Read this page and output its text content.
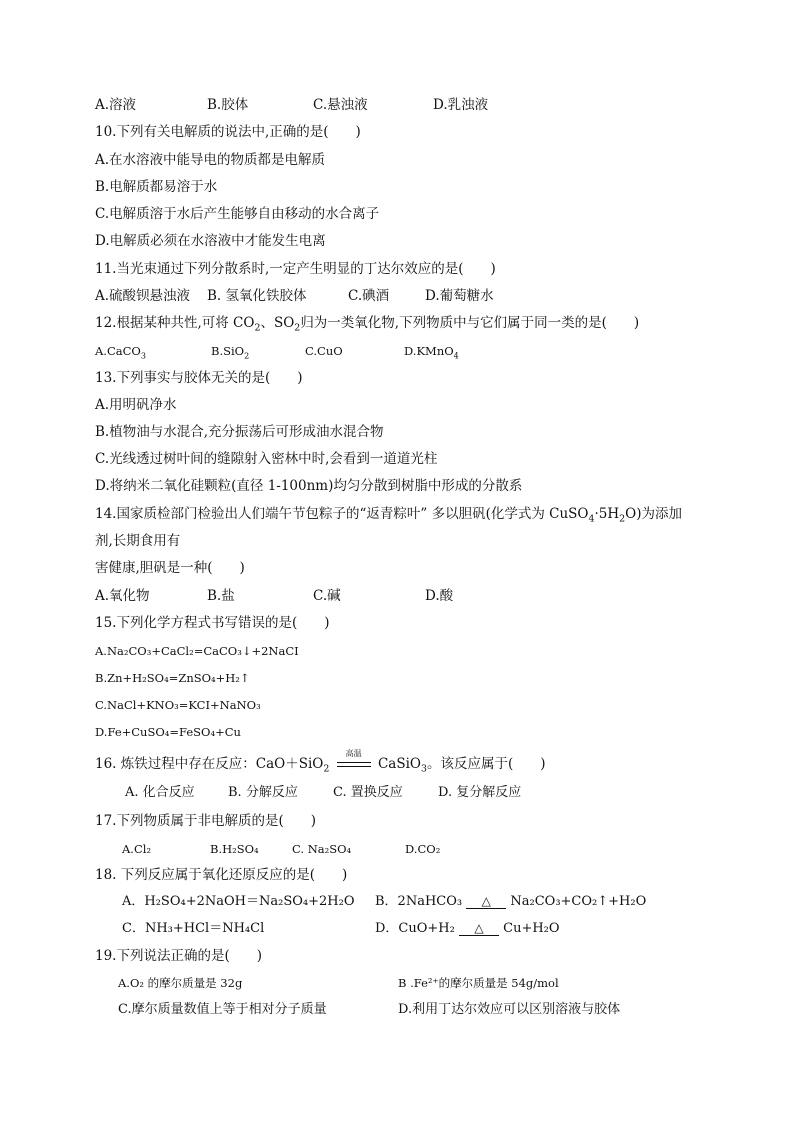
A.溶液	B.胶体	C.悬浊液	D.乳浊液
10.下列有关电解质的说法中,正确的是(　　)
A.在水溶液中能导电的物质都是电解质
B.电解质都易溶于水
C.电解质溶于水后产生能够自由移动的水合离子
D.电解质必须在水溶液中才能发生电离
11.当光束通过下列分散系时,一定产生明显的丁达尔效应的是(　　)
A.硫酸钡悬浊液 B. 氢氧化铁胶体	C.碘酒	D.葡萄糖水
12.根据某种共性,可将 $CO_2$、$SO_2$归为一类氧化物,下列物质中与它们属于同一类的是(　　)
A.CaCO$_3$	B.SiO$_2$	C.CuO	D.KMnO$_4$
13.下列事实与胶体无关的是(　　)
A.用明矾净水
B.植物油与水混合,充分振荡后可形成油水混合物
C.光线透过树叶间的缝隙射入密林中时,会看到一道道光柱
D.将纳米二氧化硅颗粒(直径 1-100nm)均匀分散到树脂中形成的分散系
14.国家质检部门检验出人们端午节包粽子的“返青粽叶” 多以胆矾(化学式为 $CuSO_4\cdot 5H_2O$)为添加
剂,长期食用有
害健康,胆矾是一种(　　)
A.氧化物	B.盐	C.碱	D.酸
15.下列化学方程式书写错误的是(　　)
A.Na₂CO₃+CaCl₂=CaCO₃↓+2NaCI
B.Zn+H₂SO₄=ZnSO₄+H₂↑
C.NaCl+KNO₃=KCI+NaNO₃
D.Fe+CuSO₄=FeSO₄+Cu
16. 炼铁过程中存在反应：CaO＋SiO$_2$
高温
CaSiO$_3$。该反应属于(　　)
A. 化合反应	B. 分解反应	C. 置换反应	D. 复分解反应
17.下列物质属于非电解质的是(　　)
A.Cl₂	B.H₂SO₄	C. Na₂SO₄	D.CO₂
18. 下列反应属于氧化还原反应的是(　　)
A．H₂SO₄+2NaOH＝Na₂SO₄+2H₂O B．2NaHCO₃	△	Na₂CO₃+CO₂↑+H₂O
C．NH₃+HCl＝NH₄Cl	D．CuO+H₂	△	Cu+H₂O
19.下列说法正确的是(　　)
A.O₂ 的摩尔质量是 32g	B .Fe²⁺的摩尔质量是 54g/mol
C.摩尔质量数值上等于相对分子质量	D.利用丁达尔效应可以区别溶液与胶体
